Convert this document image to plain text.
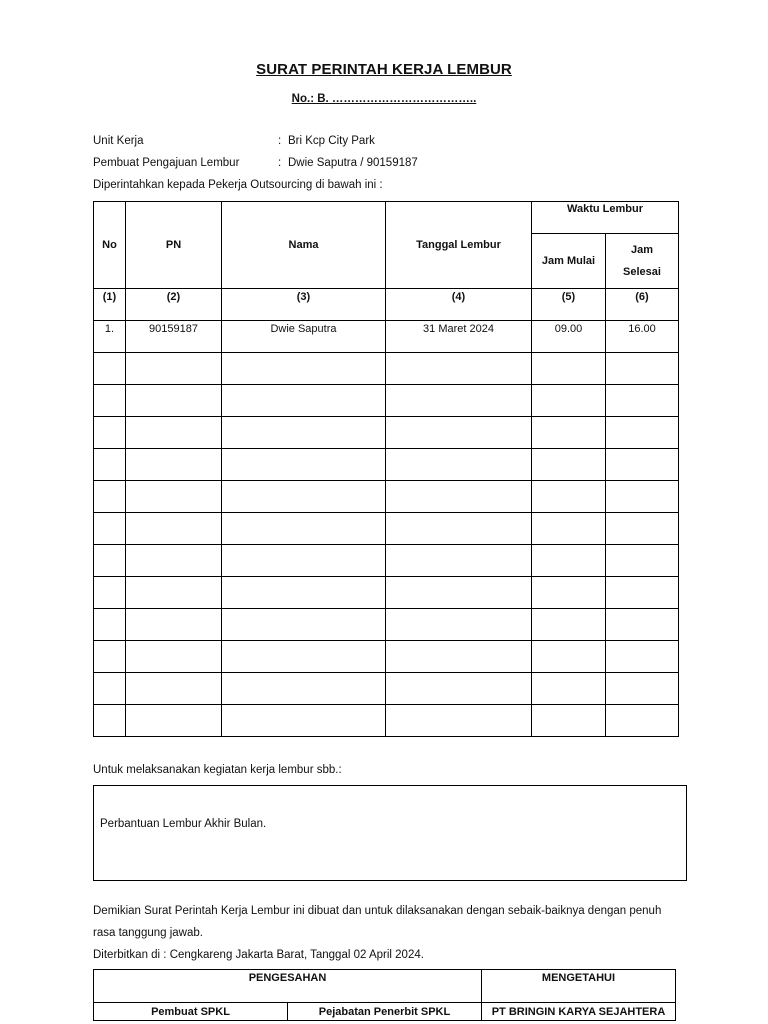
SURAT PERINTAH KERJA LEMBUR
No.: B. ………………………………..
Unit Kerja	: Bri Kcp City Park
Pembuat Pengajuan Lembur	: Dwie Saputra / 90159187
Diperintahkan kepada Pekerja Outsourcing di bawah ini :
No	PN	Nama	Tanggal Lembur	Waktu Lembur	
				Jam Mulai	Jam
Selesai

(1)	(2)	(3)	(4)	(5)	(6)
1.	90159187	Dwie Saputra	31 Maret 2024	09.00	16.00

Untuk melaksanakan kegiatan kerja lembur sbb.:
Perbantuan Lembur Akhir Bulan.
Demikian Surat Perintah Kerja Lembur ini dibuat dan untuk dilaksanakan dengan sebaik-baiknya dengan penuh rasa tanggung jawab.
Diterbitkan di : Cengkareng Jakarta Barat, Tanggal 02 April 2024.
PENGESAHAN		MENGETAHUI
Pembuat SPKL	Pejabatan Penerbit SPKL	PT BRINGIN KARYA SEJAHTERA
